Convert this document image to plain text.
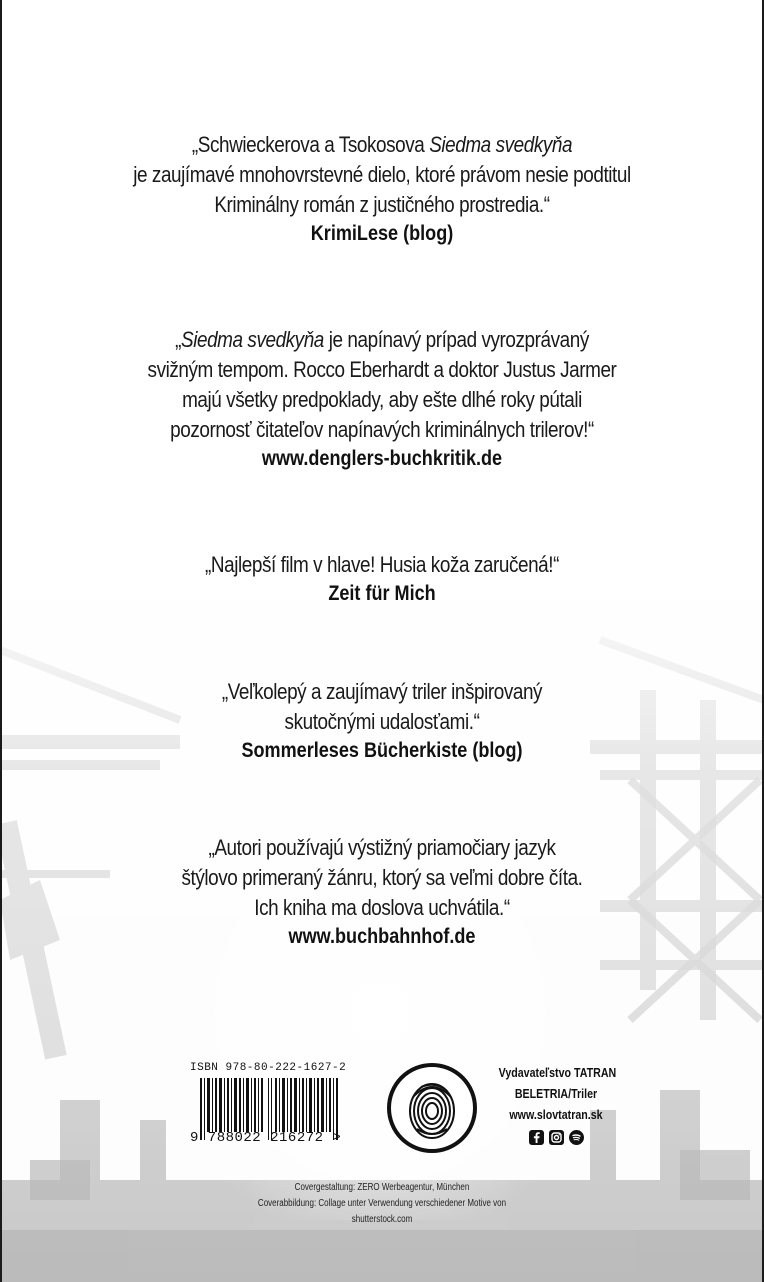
„Schwieckerova a Tsokosova Siedma svedkyňa
je zaujímavé mnohovrstevné dielo, ktoré právom nesie podtitul
Kriminálny román z justičného prostredia.“
KrimiLese (blog)
„Siedma svedkyňa je napínavý prípad vyrozprávaný
svižným tempom. Rocco Eberhardt a doktor Justus Jarmer
majú všetky predpoklady, aby ešte dlhé roky pútali
pozornosť čitateľov napínavých kriminálnych trilerov!“
www.denglers-buchkritik.de
„Najlepší film v hlave! Husia koža zaručená!“
Zeit für Mich
„Veľkolepý a zaujímavý triler inšpirovaný
skutočnými udalosťami.“
Sommerleses Bücherkiste (blog)
„Autori používajú výstižný priamočiary jazyk
štýlovo primeraný žánru, ktorý sa veľmi dobre číta.
Ich kniha ma doslova uchvátila.“
www.buchbahnhof.de
ISBN 978-80-222-1627-2
9 788022 216272 >
Vydavateľstvo TATRAN
BELETRIA/Triler
www.slovtatran.sk
Covergestaltung: ZERO Werbeagentur, München
Coverabbildung: Collage unter Verwendung verschiedener Motive von
shutterstock.com
